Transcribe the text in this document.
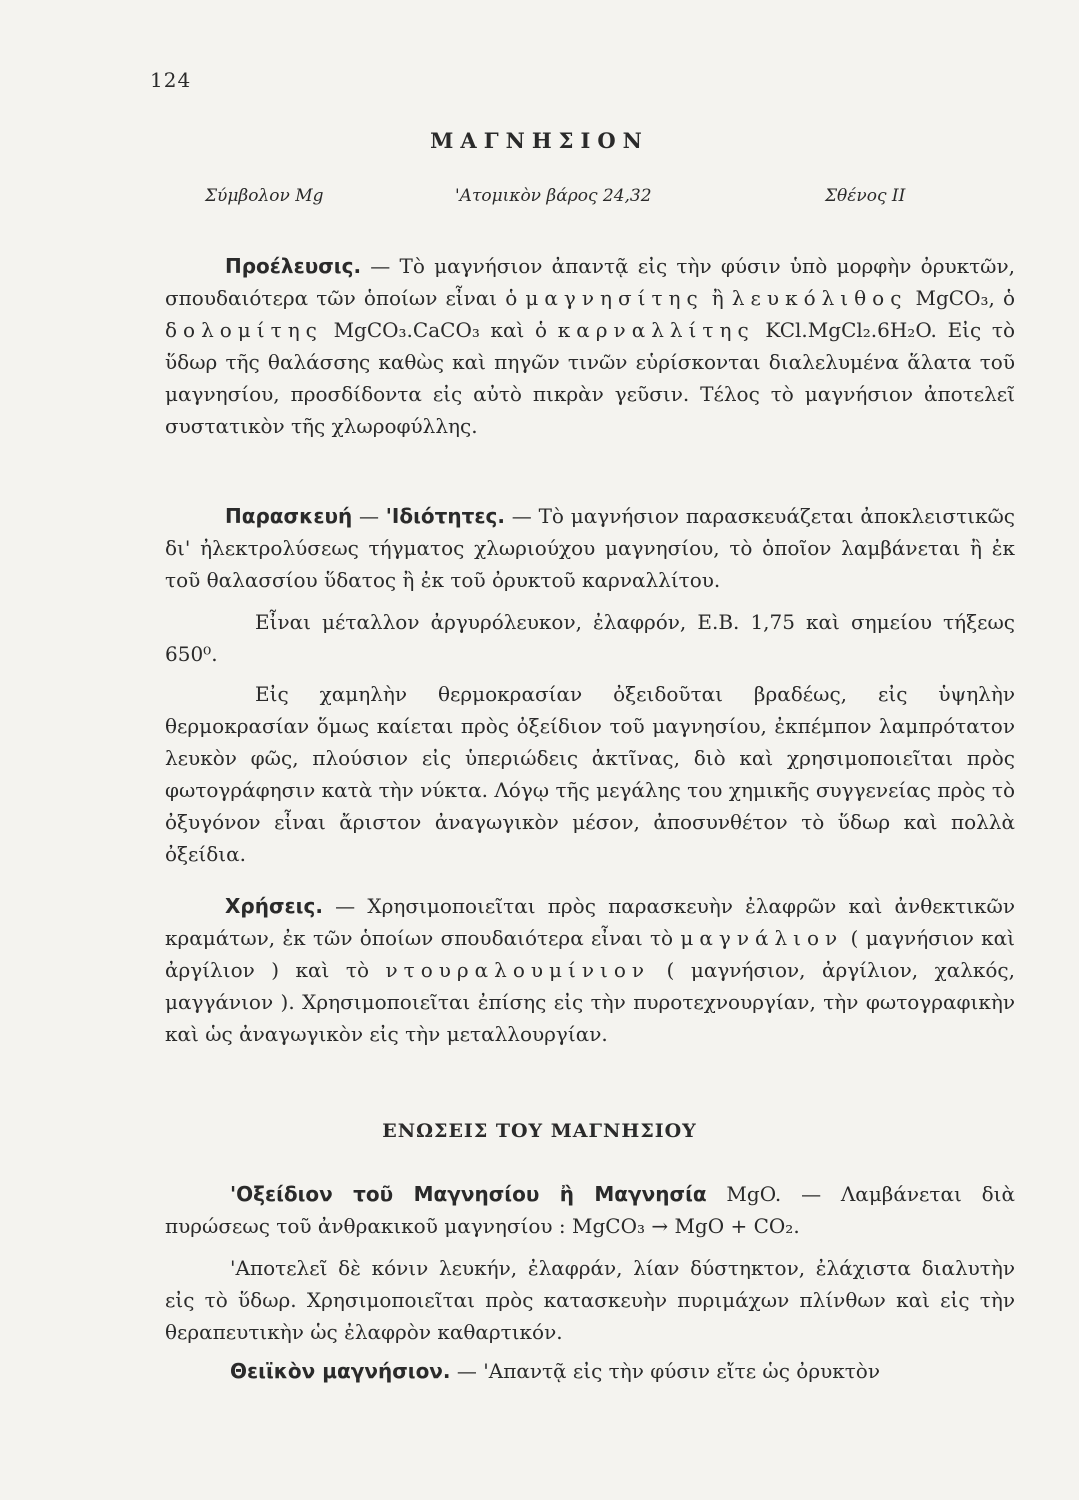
124
ΜΑΓΝΗΣΙΟΝ
Σύμβολον Mg	'Ατομικὸν βάρος 24,32	Σθένος II

Προέλευσις. — Τὸ μαγνήσιον ἀπαντᾷ εἰς τὴν φύσιν ὑπὸ μορφὴν ὀρυκτῶν, σπουδαιότερα τῶν ὁποίων εἶναι ὁ μαγνησίτης ἢ λευκόλιθος MgCO₃, ὁ δολομίτης MgCO₃.CaCO₃ καὶ ὁ καρναλλίτης KCl.MgCl₂.6H₂O. Εἰς τὸ ὕδωρ τῆς θαλάσσης καθὼς καὶ πηγῶν τινῶν εὑρίσκονται διαλελυμένα ἅλατα τοῦ μαγνησίου, προσδίδοντα εἰς αὐτὸ πικρὰν γεῦσιν. Τέλος τὸ μαγνήσιον ἀποτελεῖ συστατικὸν τῆς χλωροφύλλης.

Παρασκευή — 'Ιδιότητες. — Τὸ μαγνήσιον παρασκευάζεται ἀποκλειστικῶς δι' ἠλεκτρολύσεως τήγματος χλωριούχου μαγνησίου, τὸ ὁποῖον λαμβάνεται ἢ ἐκ τοῦ θαλασσίου ὕδατος ἢ ἐκ τοῦ ὀρυκτοῦ καρναλλίτου.

Εἶναι μέταλλον ἀργυρόλευκον, ἐλαφρόν, Ε.Β. 1,75 καὶ σημείου τήξεως 650⁰.

Εἰς χαμηλὴν θερμοκρασίαν ὀξειδοῦται βραδέως, εἰς ὑψηλὴν θερμοκρασίαν ὅμως καίεται πρὸς ὀξείδιον τοῦ μαγνησίου, ἐκπέμπον λαμπρότατον λευκὸν φῶς, πλούσιον εἰς ὑπεριώδεις ἀκτῖνας, διὸ καὶ χρησιμοποιεῖται πρὸς φωτογράφησιν κατὰ τὴν νύκτα. Λόγῳ τῆς μεγάλης του χημικῆς συγγενείας πρὸς τὸ ὀξυγόνον εἶναι ἄριστον ἀναγωγικὸν μέσον, ἀποσυνθέτον τὸ ὕδωρ καὶ πολλὰ ὀξείδια.

Χρήσεις. — Χρησιμοποιεῖται πρὸς παρασκευὴν ἐλαφρῶν καὶ ἀνθεκτικῶν κραμάτων, ἐκ τῶν ὁποίων σπουδαιότερα εἶναι τὸ μαγνάλιον ( μαγνήσιον καὶ ἀργίλιον ) καὶ τὸ ντουραλουμίνιον ( μαγνήσιον, ἀργίλιον, χαλκός, μαγγάνιον ). Χρησιμοποιεῖται ἐπίσης εἰς τὴν πυροτεχνουργίαν, τὴν φωτογραφικὴν καὶ ὡς ἀναγωγικὸν εἰς τὴν μεταλλουργίαν.

ΕΝΩΣΕΙΣ ΤΟΥ ΜΑΓΝΗΣΙΟΥ

'Οξείδιον τοῦ Μαγνησίου ἢ Μαγνησία MgO. — Λαμβάνεται διὰ πυρώσεως τοῦ ἀνθρακικοῦ μαγνησίου : MgCO₃ → MgO + CO₂.

'Αποτελεῖ δὲ κόνιν λευκήν, ἐλαφράν, λίαν δύστηκτον, ἐλάχιστα διαλυτὴν εἰς τὸ ὕδωρ. Χρησιμοποιεῖται πρὸς κατασκευὴν πυριμάχων πλίνθων καὶ εἰς τὴν θεραπευτικὴν ὡς ἐλαφρὸν καθαρτικόν.

Θειϊκὸν μαγνήσιον. — 'Απαντᾷ εἰς τὴν φύσιν εἴτε ὡς ὀρυκτὸν
